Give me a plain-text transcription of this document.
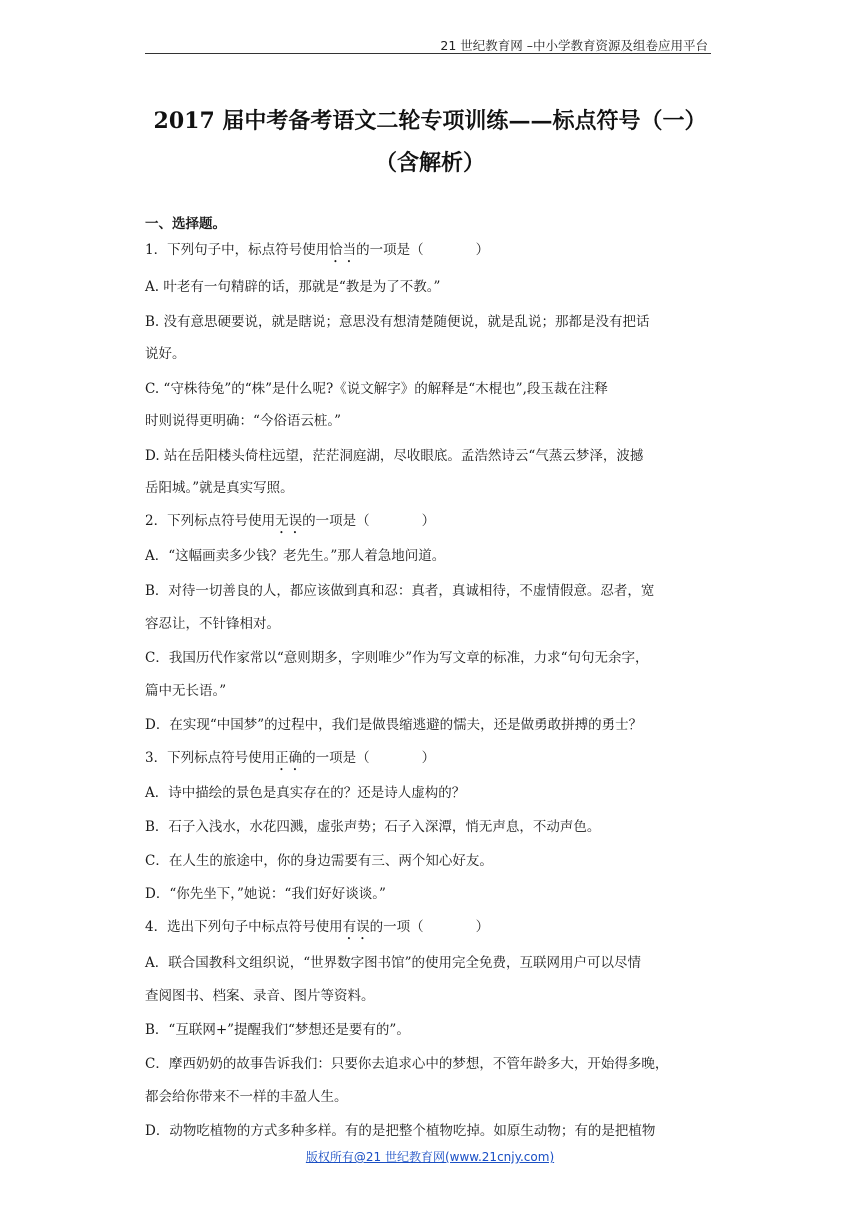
21 世纪教育网 –中小学教育资源及组卷应用平台
2017 届中考备考语文二轮专项训练——标点符号（一）
（含解析）
一、选择题。
1．下列句子中，标点符号使用恰当的一项是（	）
A. 叶老有一句精辟的话，那就是“教是为了不教。”
B. 没有意思硬要说，就是瞎说；意思没有想清楚随便说，就是乱说；那都是没有把话
说好。
C. “守株待兔”的“株”是什么呢?《说文解字》的解释是“木棍也”,段玉裁在注释
时则说得更明确：“今俗语云桩。”
D. 站在岳阳楼头倚柱远望，茫茫洞庭湖，尽收眼底。孟浩然诗云“气蒸云梦泽，波撼
岳阳城。”就是真实写照。
2．下列标点符号使用无误的一项是（	）
A．“这幅画卖多少钱？老先生。”那人着急地问道。
B．对待一切善良的人，都应该做到真和忍：真者，真诚相待，不虚情假意。忍者，宽
容忍让，不针锋相对。
C．我国历代作家常以“意则期多，字则唯少”作为写文章的标准，力求“句句无余字，
篇中无长语。”
D．在实现“中国梦”的过程中，我们是做畏缩逃避的懦夫，还是做勇敢拼搏的勇士？
3．下列标点符号使用正确的一项是（	）
A．诗中描绘的景色是真实存在的？还是诗人虚构的？
B．石子入浅水，水花四溅，虚张声势；石子入深潭，悄无声息，不动声色。
C．在人生的旅途中，你的身边需要有三、两个知心好友。
D．“你先坐下，”她说：“我们好好谈谈。”
4．选出下列句子中标点符号使用有误的一项（	）
A．联合国教科文组织说，“世界数字图书馆”的使用完全免费，互联网用户可以尽情
查阅图书、档案、录音、图片等资料。
B．“互联网+”提醒我们“梦想还是要有的”。
C．摩西奶奶的故事告诉我们：只要你去追求心中的梦想，不管年龄多大，开始得多晚，
都会给你带来不一样的丰盈人生。
D．动物吃植物的方式多种多样。有的是把整个植物吃掉。如原生动物；有的是把植物
版权所有@21 世纪教育网(www.21cnjy.com)
